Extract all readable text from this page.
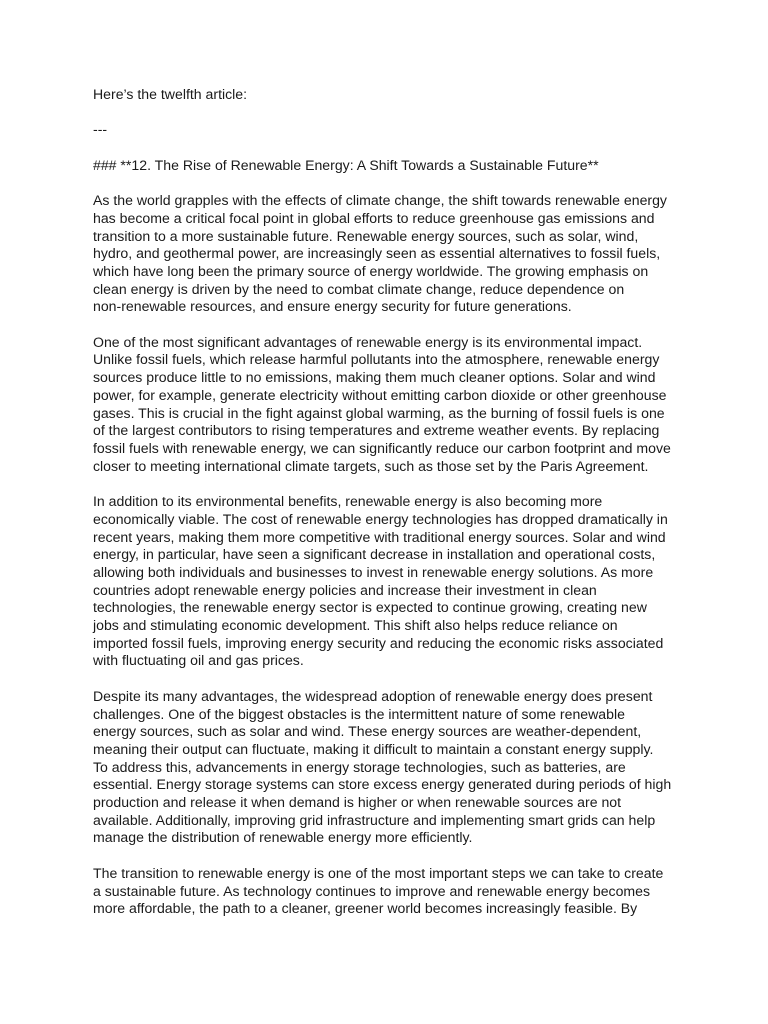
Here’s the twelfth article:

---

### **12. The Rise of Renewable Energy: A Shift Towards a Sustainable Future**

As the world grapples with the effects of climate change, the shift towards renewable energy
has become a critical focal point in global efforts to reduce greenhouse gas emissions and
transition to a more sustainable future. Renewable energy sources, such as solar, wind,
hydro, and geothermal power, are increasingly seen as essential alternatives to fossil fuels,
which have long been the primary source of energy worldwide. The growing emphasis on
clean energy is driven by the need to combat climate change, reduce dependence on
non-renewable resources, and ensure energy security for future generations.

One of the most significant advantages of renewable energy is its environmental impact.
Unlike fossil fuels, which release harmful pollutants into the atmosphere, renewable energy
sources produce little to no emissions, making them much cleaner options. Solar and wind
power, for example, generate electricity without emitting carbon dioxide or other greenhouse
gases. This is crucial in the fight against global warming, as the burning of fossil fuels is one
of the largest contributors to rising temperatures and extreme weather events. By replacing
fossil fuels with renewable energy, we can significantly reduce our carbon footprint and move
closer to meeting international climate targets, such as those set by the Paris Agreement.

In addition to its environmental benefits, renewable energy is also becoming more
economically viable. The cost of renewable energy technologies has dropped dramatically in
recent years, making them more competitive with traditional energy sources. Solar and wind
energy, in particular, have seen a significant decrease in installation and operational costs,
allowing both individuals and businesses to invest in renewable energy solutions. As more
countries adopt renewable energy policies and increase their investment in clean
technologies, the renewable energy sector is expected to continue growing, creating new
jobs and stimulating economic development. This shift also helps reduce reliance on
imported fossil fuels, improving energy security and reducing the economic risks associated
with fluctuating oil and gas prices.

Despite its many advantages, the widespread adoption of renewable energy does present
challenges. One of the biggest obstacles is the intermittent nature of some renewable
energy sources, such as solar and wind. These energy sources are weather-dependent,
meaning their output can fluctuate, making it difficult to maintain a constant energy supply.
To address this, advancements in energy storage technologies, such as batteries, are
essential. Energy storage systems can store excess energy generated during periods of high
production and release it when demand is higher or when renewable sources are not
available. Additionally, improving grid infrastructure and implementing smart grids can help
manage the distribution of renewable energy more efficiently.

The transition to renewable energy is one of the most important steps we can take to create
a sustainable future. As technology continues to improve and renewable energy becomes
more affordable, the path to a cleaner, greener world becomes increasingly feasible. By
